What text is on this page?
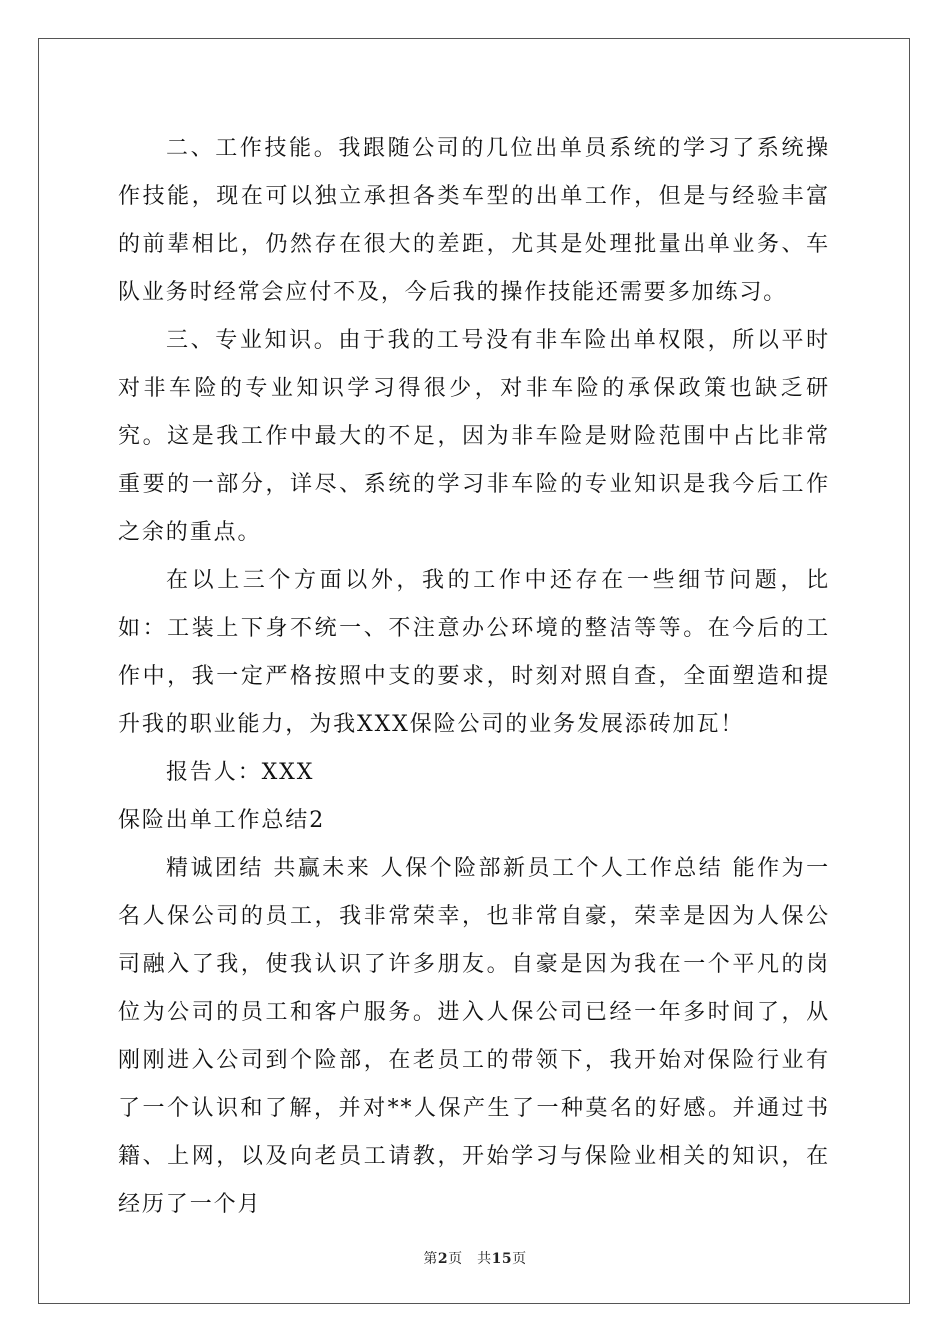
二、工作技能。我跟随公司的几位出单员系统的学习了系统操作技能，现在可以独立承担各类车型的出单工作，但是与经验丰富的前辈相比，仍然存在很大的差距，尤其是处理批量出单业务、车队业务时经常会应付不及，今后我的操作技能还需要多加练习。

三、专业知识。由于我的工号没有非车险出单权限，所以平时对非车险的专业知识学习得很少，对非车险的承保政策也缺乏研究。这是我工作中最大的不足，因为非车险是财险范围中占比非常重要的一部分，详尽、系统的学习非车险的专业知识是我今后工作之余的重点。

在以上三个方面以外，我的工作中还存在一些细节问题，比如：工装上下身不统一、不注意办公环境的整洁等等。在今后的工作中，我一定严格按照中支的要求，时刻对照自查，全面塑造和提升我的职业能力，为我XXX保险公司的业务发展添砖加瓦！

报告人：XXX

保险出单工作总结2

精诚团结 共赢未来 人保个险部新员工个人工作总结 能作为一名人保公司的员工，我非常荣幸，也非常自豪，荣幸是因为人保公司融入了我，使我认识了许多朋友。自豪是因为我在一个平凡的岗位为公司的员工和客户服务。进入人保公司已经一年多时间了，从刚刚进入公司到个险部，在老员工的带领下，我开始对保险行业有了一个认识和了解，并对**人保产生了一种莫名的好感。并通过书籍、上网，以及向老员工请教，开始学习与保险业相关的知识，在经历了一个月

第2页　共15页
